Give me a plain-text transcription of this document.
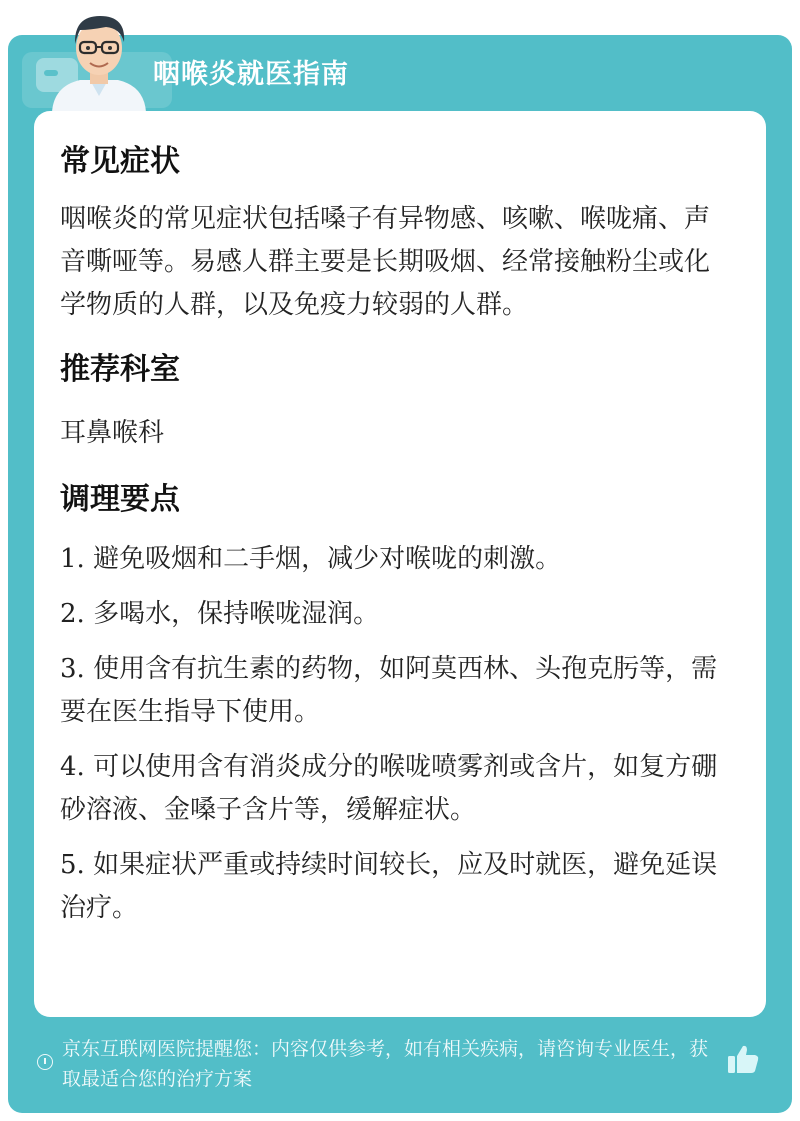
咽喉炎就医指南
常见症状

咽喉炎的常见症状包括嗓子有异物感、咳嗽、喉咙痛、声音嘶哑等。易感人群主要是长期吸烟、经常接触粉尘或化学物质的人群，以及免疫力较弱的人群。

推荐科室

耳鼻喉科

调理要点
1. 避免吸烟和二手烟，减少对喉咙的刺激。
2. 多喝水，保持喉咙湿润。
3. 使用含有抗生素的药物，如阿莫西林、头孢克肟等，需要在医生指导下使用。
4. 可以使用含有消炎成分的喉咙喷雾剂或含片，如复方硼砂溶液、金嗓子含片等，缓解症状。
5. 如果症状严重或持续时间较长，应及时就医，避免延误治疗。
京东互联网医院提醒您：内容仅供参考，如有相关疾病，请咨询专业医生，获取最适合您的治疗方案
